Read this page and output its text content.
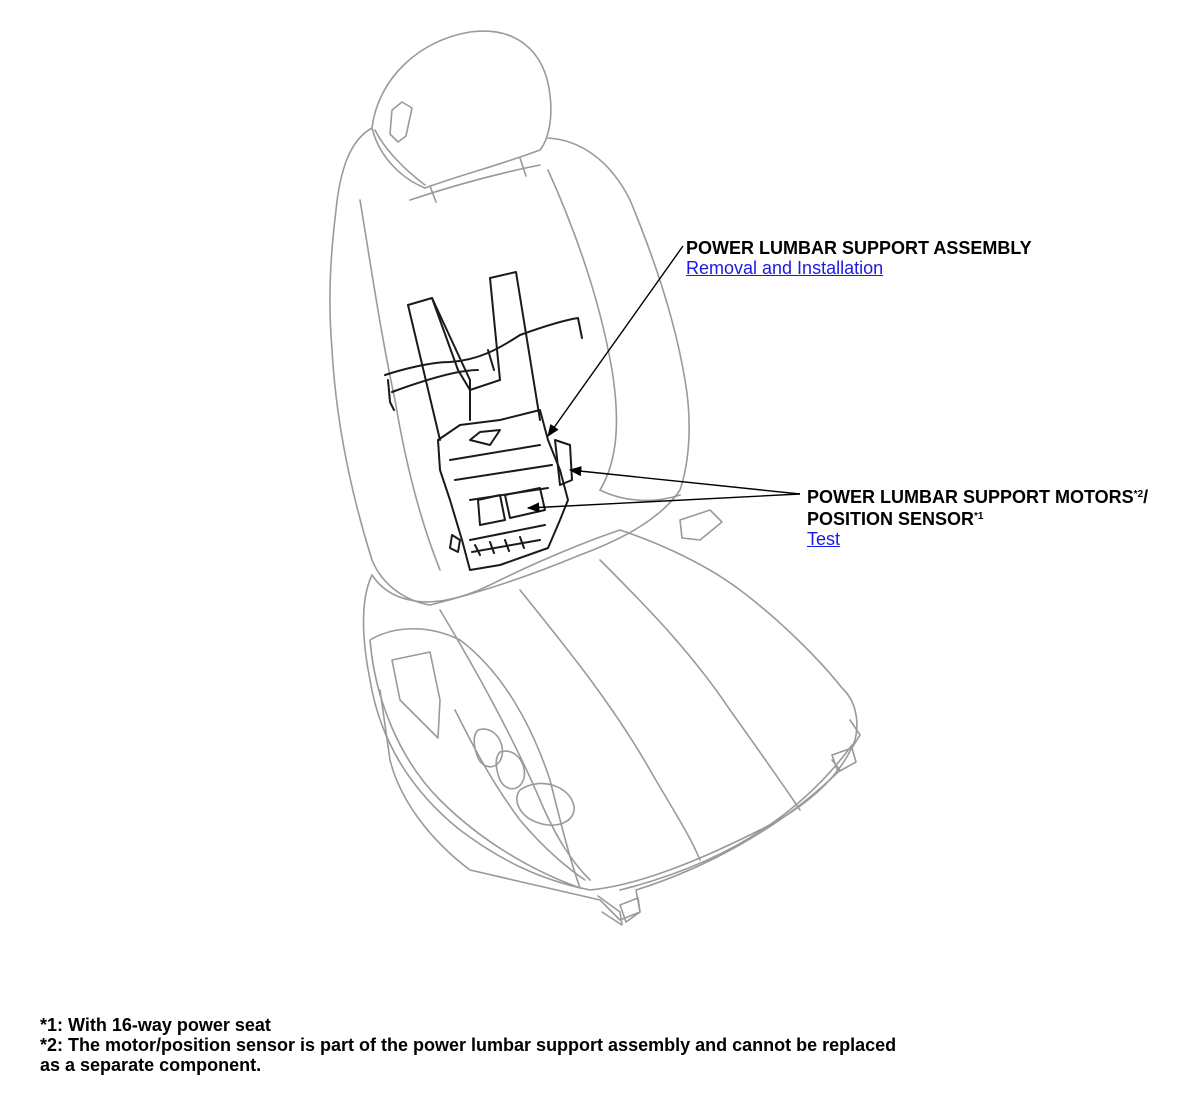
POWER LUMBAR SUPPORT ASSEMBLY
Removal and Installation
POWER LUMBAR SUPPORT MOTORS$^{*2}$/
POSITION SENSOR$^{*1}$
Test
*1: With 16-way power seat
*2: The motor/position sensor is part of the power lumbar support assembly and cannot be replaced
as a separate component.
